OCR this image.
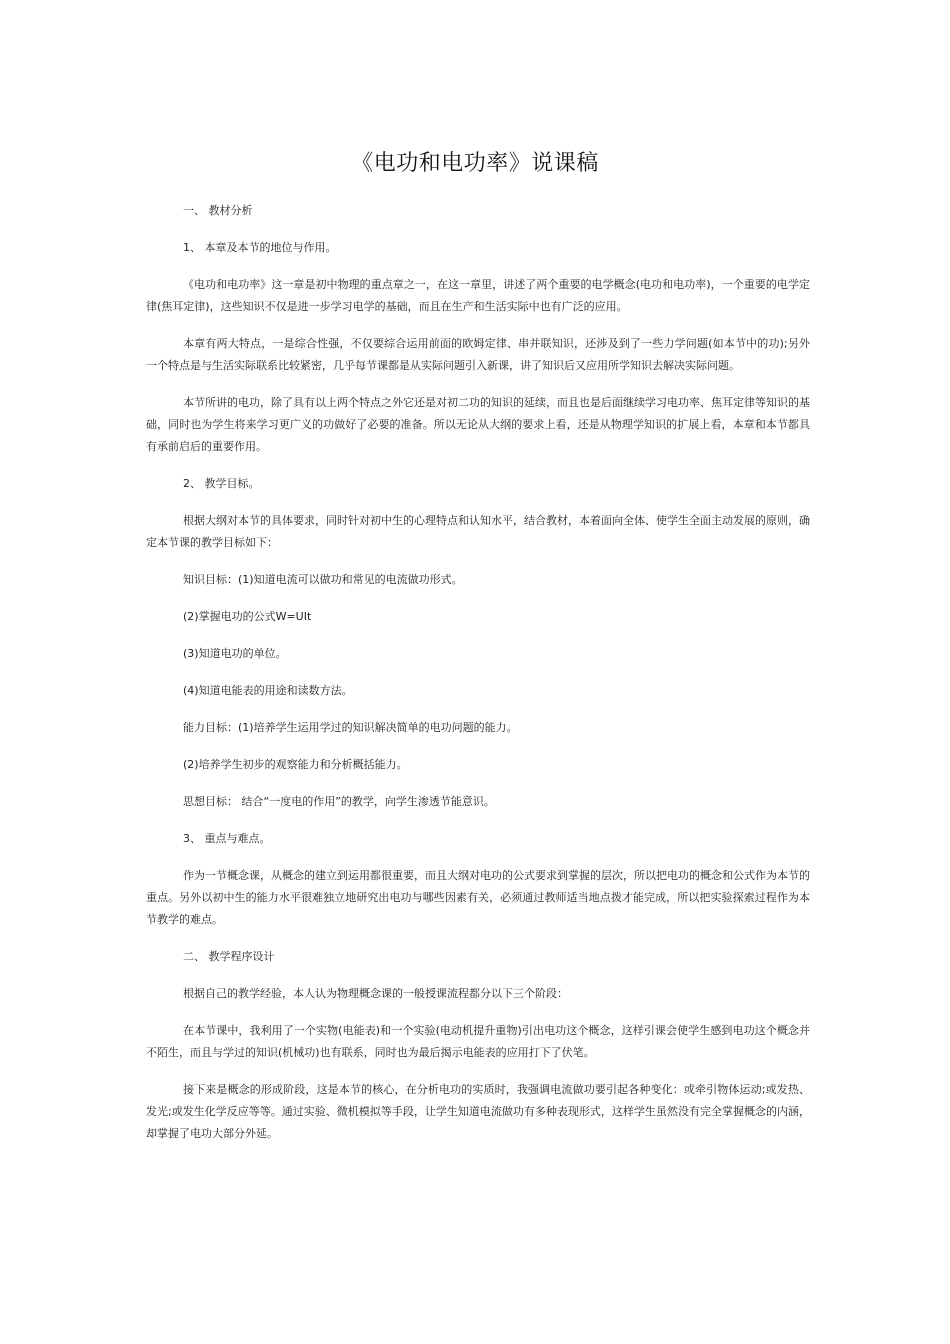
《电功和电功率》说课稿

一、 教材分析

1、 本章及本节的地位与作用。

《电功和电功率》这一章是初中物理的重点章之一，在这一章里，讲述了两个重要的电学概念(电功和电功率)，一个重要的电学定律(焦耳定律)，这些知识不仅是进一步学习电学的基础，而且在生产和生活实际中也有广泛的应用。

本章有两大特点，一是综合性强，不仅要综合运用前面的欧姆定律、串并联知识，还涉及到了一些力学问题(如本节中的功);另外一个特点是与生活实际联系比较紧密，几乎每节课都是从实际问题引入新课，讲了知识后又应用所学知识去解决实际问题。

本节所讲的电功，除了具有以上两个特点之外它还是对初二功的知识的延续，而且也是后面继续学习电功率、焦耳定律等知识的基础，同时也为学生将来学习更广义的功做好了必要的准备。所以无论从大纲的要求上看，还是从物理学知识的扩展上看，本章和本节都具有承前启后的重要作用。

2、 教学目标。

根据大纲对本节的具体要求，同时针对初中生的心理特点和认知水平，结合教材，本着面向全体、使学生全面主动发展的原则，确定本节课的教学目标如下：

知识目标：(1)知道电流可以做功和常见的电流做功形式。

(2)掌握电功的公式W=UIt

(3)知道电功的单位。

(4)知道电能表的用途和读数方法。

能力目标：(1)培养学生运用学过的知识解决简单的电功问题的能力。

(2)培养学生初步的观察能力和分析概括能力。

思想目标： 结合“一度电的作用”的教学，向学生渗透节能意识。

3、 重点与难点。

作为一节概念课，从概念的建立到运用都很重要，而且大纲对电功的公式要求到掌握的层次，所以把电功的概念和公式作为本节的重点。另外以初中生的能力水平很难独立地研究出电功与哪些因素有关，必须通过教师适当地点拨才能完成，所以把实验探索过程作为本节教学的难点。

二、 教学程序设计

根据自己的教学经验，本人认为物理概念课的一般授课流程都分以下三个阶段：

在本节课中，我利用了一个实物(电能表)和一个实验(电动机提升重物)引出电功这个概念，这样引课会使学生感到电功这个概念并不陌生，而且与学过的知识(机械功)也有联系，同时也为最后揭示电能表的应用打下了伏笔。

接下来是概念的形成阶段，这是本节的核心，在分析电功的实质时，我强调电流做功要引起各种变化：或牵引物体运动;或发热、发光;或发生化学反应等等。通过实验、微机模拟等手段，让学生知道电流做功有多种表现形式，这样学生虽然没有完全掌握概念的内涵，却掌握了电功大部分外延。
